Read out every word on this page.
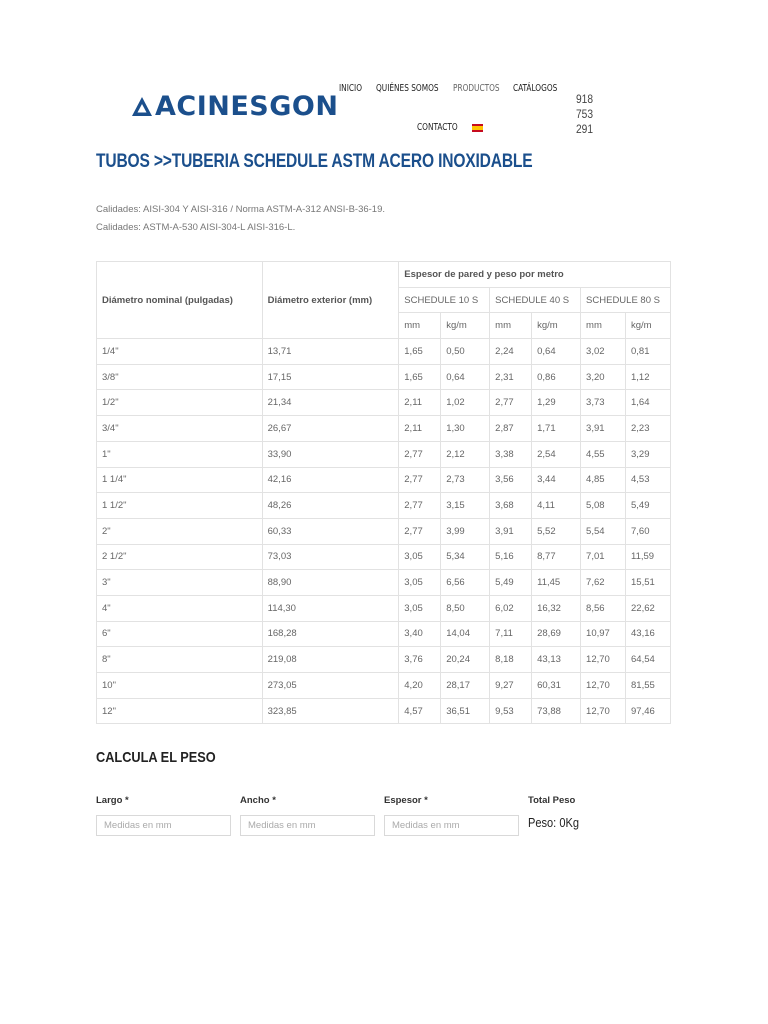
ACINESGON
INICIO QUIÉNES SOMOS PRODUCTOS CATÁLOGOS
CONTACTO
918 753
291
TUBOS >>TUBERIA SCHEDULE ASTM ACERO INOXIDABLE

Calidades: AISI-304 Y AISI-316 / Norma ASTM-A-312 ANSI-B-36-19.

Calidades: ASTM-A-530 AISI-304-L AISI-316-L.

Diámetro nominal (pulgadas)	Diámetro exterior (mm)	Espesor de pared y peso por metro					
		SCHEDULE 10 S		SCHEDULE 40 S		SCHEDULE 80 S	
		mm	kg/m	mm	kg/m	mm	kg/m
1/4"	13,71	1,65	0,50	2,24	0,64	3,02	0,81
3/8"	17,15	1,65	0,64	2,31	0,86	3,20	1,12
1/2"	21,34	2,11	1,02	2,77	1,29	3,73	1,64
3/4"	26,67	2,11	1,30	2,87	1,71	3,91	2,23
1"	33,90	2,77	2,12	3,38	2,54	4,55	3,29
1 1/4"	42,16	2,77	2,73	3,56	3,44	4,85	4,53
1 1/2"	48,26	2,77	3,15	3,68	4,11	5,08	5,49
2"	60,33	2,77	3,99	3,91	5,52	5,54	7,60
2 1/2"	73,03	3,05	5,34	5,16	8,77	7,01	11,59
3"	88,90	3,05	6,56	5,49	11,45	7,62	15,51
4"	114,30	3,05	8,50	6,02	16,32	8,56	22,62
6"	168,28	3,40	14,04	7,11	28,69	10,97	43,16
8"	219,08	3,76	20,24	8,18	43,13	12,70	64,54
10"	273,05	4,20	28,17	9,27	60,31	12,70	81,55
12"	323,85	4,57	36,51	9,53	73,88	12,70	97,46
CALCULA EL PESO
Largo *	Ancho *	Espesor *	Total Peso
Medidas en mm
Medidas en mm
Medidas en mm
Peso: 0Kg
